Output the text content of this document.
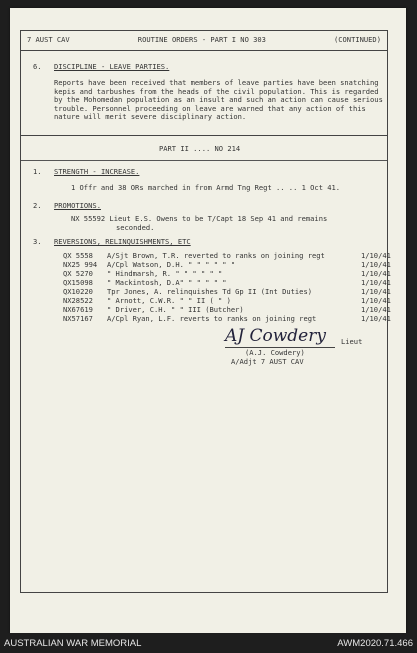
7 AUST CAV	ROUTINE ORDERS - PART I NO 303	(CONTINUED)
6. DISCIPLINE - LEAVE PARTIES.
Reports have been received that members of leave parties have been snatching kepis and tarbushes from the heads of the civil population. This is regarded by the Mohomedan population as an insult and such an action can cause serious trouble. Personnel proceeding on leave are warned that any action of this nature will merit severe disciplinary action.
PART II .... NO 214
1. STRENGTH - INCREASE.
1 Offr and 38 ORs marched in from Armd Tng Regt .. .. 1 Oct 41.
2. PROMOTIONS.
NX 55592 Lieut E.S. Owens to be T/Capt 18 Sep 41 and remains
seconded.
3. REVERSIONS, RELINQUISHMENTS, ETC
QX 5558	A/Sjt Brown, T.R. reverted to ranks on joining regt	1/10/41
NX25 994	A/Cpl Watson, D.H. " " " " " "	1/10/41
QX 5270	" Hindmarsh, R. " " " " " "	1/10/41
QX15098	" Mackintosh, D.A" " " " " "	1/10/41
QX10220	Tpr Jones, A. relinquishes Td Gp II (Int Duties)	1/10/41
NX28522	" Arnott, C.W.R. " " II ( " )	1/10/41
NX67619	" Driver, C.H. " " III (Butcher)	1/10/41
NX57167	A/Cpl Ryan, L.F. reverts to ranks on joining regt	1/10/41
AJ Cowdery Lieut
(A.J. Cowdery)
A/Adjt 7 AUST CAV
AUSTRALIAN WAR MEMORIAL	AWM2020.71.466
